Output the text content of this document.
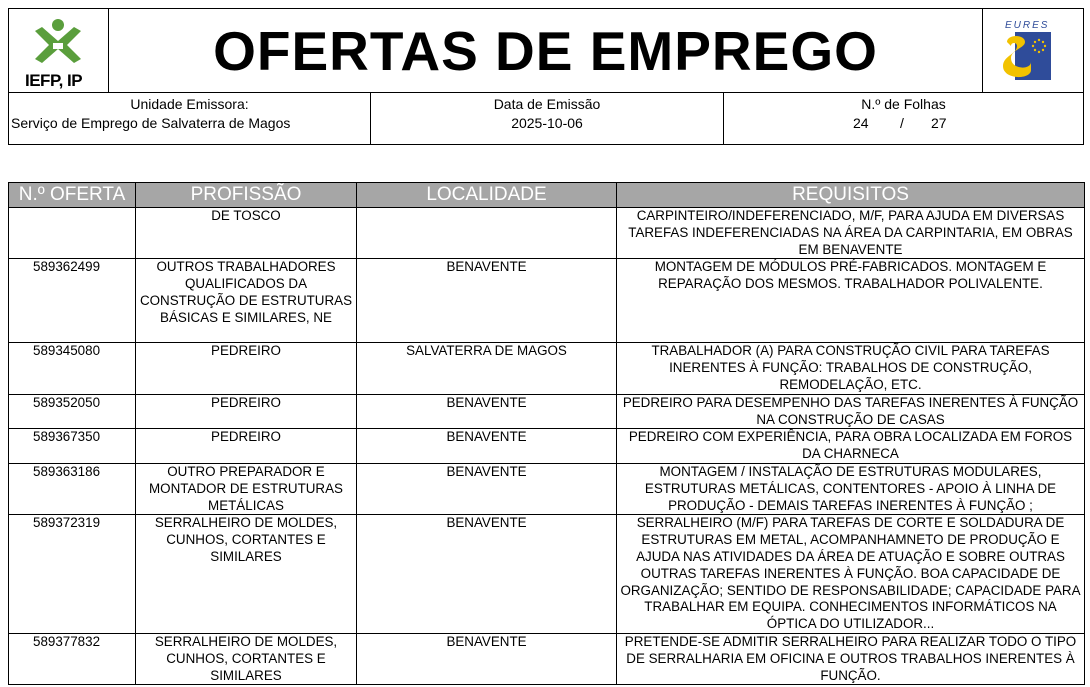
IEFP, IP OFERTAS DE EMPREGO	EURES
Unidade Emissora:
Serviço de Emprego de Salvaterra de Magos
Data de Emissão
2025-10-06
N.º de Folhas
24 / 27
N.º OFERTA	PROFISSÃO	LOCALIDADE	REQUISITOS
	DE TOSCO		CARPINTEIRO/INDEFERENCIADO, M/F, PARA AJUDA EM DIVERSAS TAREFAS INDEFERENCIADAS NA ÁREA DA CARPINTARIA, EM OBRAS EM BENAVENTE
589362499	OUTROS TRABALHADORES QUALIFICADOS DA CONSTRUÇÃO DE ESTRUTURAS BÁSICAS E SIMILARES, NE	BENAVENTE	MONTAGEM DE MÓDULOS PRÉ-FABRICADOS. MONTAGEM E REPARAÇÃO DOS MESMOS. TRABALHADOR POLIVALENTE.
589345080	PEDREIRO	SALVATERRA DE MAGOS	TRABALHADOR (A) PARA CONSTRUÇÃO CIVIL PARA TAREFAS INERENTES À FUNÇÃO: TRABALHOS DE CONSTRUÇÃO, REMODELAÇÃO, ETC.
589352050	PEDREIRO	BENAVENTE	PEDREIRO PARA DESEMPENHO DAS TAREFAS INERENTES À FUNÇÃO NA CONSTRUÇÃO DE CASAS
589367350	PEDREIRO	BENAVENTE	PEDREIRO COM EXPERIÊNCIA, PARA OBRA LOCALIZADA EM FOROS DA CHARNECA
589363186	OUTRO PREPARADOR E MONTADOR DE ESTRUTURAS METÁLICAS	BENAVENTE	MONTAGEM / INSTALAÇÃO DE ESTRUTURAS MODULARES, ESTRUTURAS METÁLICAS, CONTENTORES - APOIO À LINHA DE PRODUÇÃO - DEMAIS TAREFAS INERENTES À FUNÇÃO ;
589372319	SERRALHEIRO DE MOLDES, CUNHOS, CORTANTES E SIMILARES	BENAVENTE	SERRALHEIRO (M/F) PARA TAREFAS DE CORTE E SOLDADURA DE ESTRUTURAS EM METAL, ACOMPANHAMNETO DE PRODUÇÃO E AJUDA NAS ATIVIDADES DA ÁREA DE ATUAÇÃO E SOBRE OUTRAS OUTRAS TAREFAS INERENTES À FUNÇÃO. BOA CAPACIDADE DE ORGANIZAÇÃO; SENTIDO DE RESPONSABILIDADE; CAPACIDADE PARA TRABALHAR EM EQUIPA. CONHECIMENTOS INFORMÁTICOS NA ÓPTICA DO UTILIZADOR...
589377832	SERRALHEIRO DE MOLDES, CUNHOS, CORTANTES E SIMILARES	BENAVENTE	PRETENDE-SE ADMITIR SERRALHEIRO PARA REALIZAR TODO O TIPO DE SERRALHARIA EM OFICINA E OUTROS TRABALHOS INERENTES À FUNÇÃO.
